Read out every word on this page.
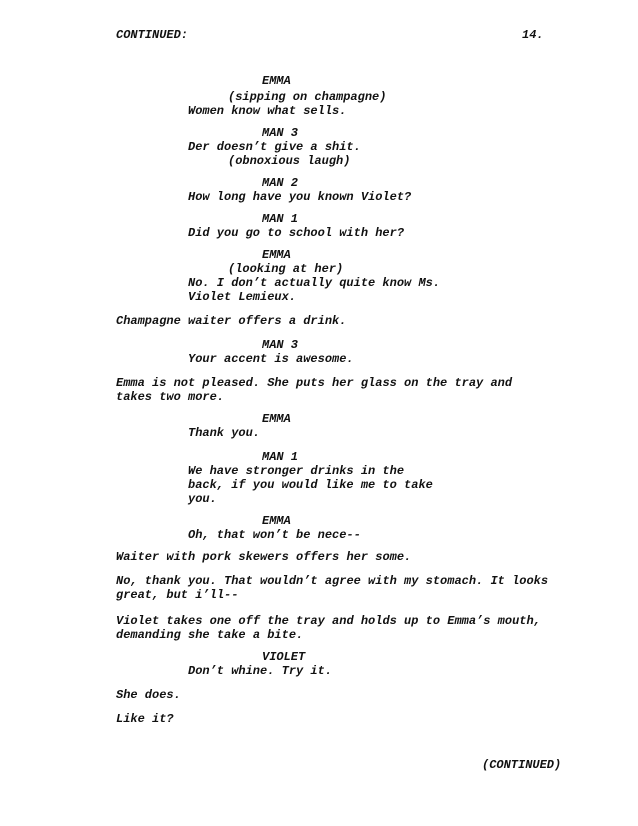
CONTINUED:	14.
EMMA
(sipping on champagne)
Women know what sells.
MAN 3
Der doesn’t give a shit.
(obnoxious laugh)
MAN 2
How long have you known Violet?
MAN 1
Did you go to school with her?
EMMA
(looking at her)
No. I don’t actually quite know Ms.
Violet Lemieux.
Champagne waiter offers a drink.
MAN 3
Your accent is awesome.
Emma is not pleased. She puts her glass on the tray and
takes two more.
EMMA
Thank you.
MAN 1
We have stronger drinks in the
back, if you would like me to take
you.
EMMA
Oh, that won’t be nece--
Waiter with pork skewers offers her some.
No, thank you. That wouldn’t agree with my stomach. It looks
great, but i’ll--
Violet takes one off the tray and holds up to Emma’s mouth,
demanding she take a bite.
VIOLET
Don’t whine. Try it.
She does.
Like it?
(CONTINUED)
